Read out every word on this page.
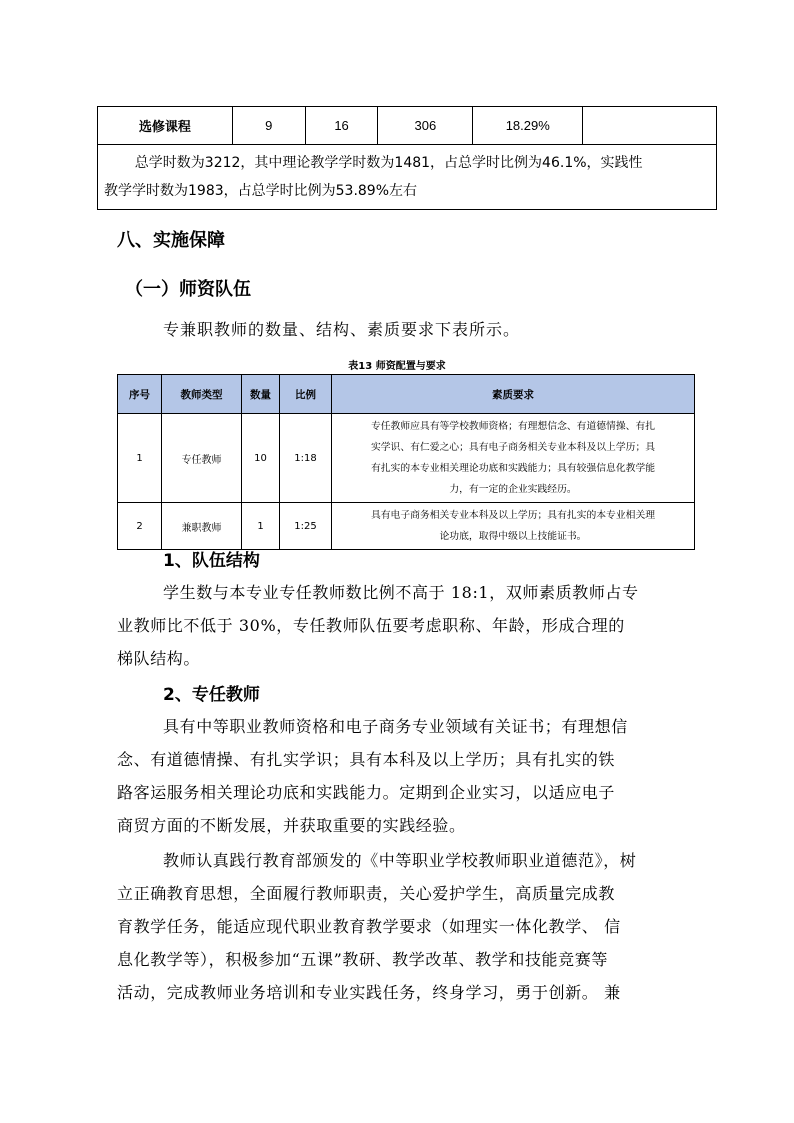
选修课程	9	16	306	18.29%	

总学时数为3212，其中理论教学学时数为1481，占总学时比例为46.1%，实践性
教学学时数为1983，占总学时比例为53.89%左右
八、实施保障
（一）师资队伍
专兼职教师的数量、结构、素质要求下表所示。
表13 师资配置与要求
序号	教师类型	数量	比例	素质要求
1	专任教师	10	1:18	专任教师应具有等学校教师资格；有理想信念、有道德情操、有扎
实学识、有仁爱之心；具有电子商务相关专业本科及以上学历；具
有扎实的本专业相关理论功底和实践能力；具有较强信息化教学能
力，有一定的企业实践经历。

2	兼职教师	1	1:25	具有电子商务相关专业本科及以上学历；具有扎实的本专业相关理
论功底，取得中级以上技能证书。
1、队伍结构
学生数与本专业专任教师数比例不高于 18:1，双师素质教师占专
业教师比不低于 30%，专任教师队伍要考虑职称、年龄，形成合理的
梯队结构。
2、专任教师
具有中等职业教师资格和电子商务专业领域有关证书；有理想信
念、有道德情操、有扎实学识；具有本科及以上学历；具有扎实的铁
路客运服务相关理论功底和实践能力。定期到企业实习，以适应电子
商贸方面的不断发展，并获取重要的实践经验。
教师认真践行教育部颁发的《中等职业学校教师职业道德范》，树
立正确教育思想，全面履行教师职责，关心爱护学生，高质量完成教
育教学任务，能适应现代职业教育教学要求（如理实一体化教学、 信
息化教学等），积极参加“五课”教研、教学改革、教学和技能竞赛等
活动，完成教师业务培训和专业实践任务，终身学习，勇于创新。 兼
